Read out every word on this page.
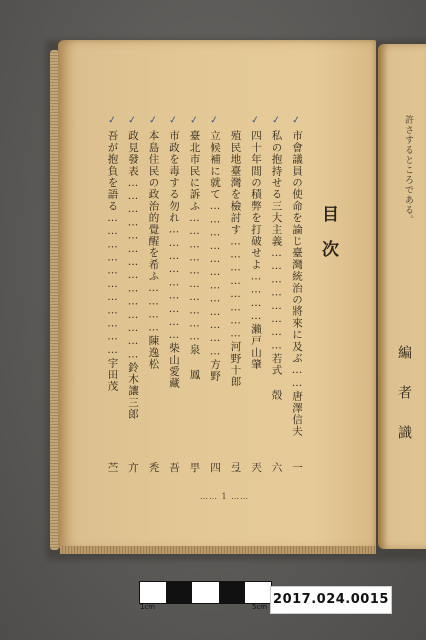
目次
✓
市會議員の使命を論じ臺灣統治の將來に及ぶ……唐澤信夫
一
✓
私の抱持せる三大主義……………………若式 殻
六
✓
四十年間の積弊を打破せよ…………瀨戸山肇
兲
殖民地臺灣を檢討す……………………河野十郎
弖
✓
立候補に就て………………………………方野
四
✓
臺北市民に訴ふ…………………………泉 鳳
甼
✓
市政を毒する勿れ………………………柴山愛藏
吾
✓
本島住民の政治的覺醒を希ふ…………陳逸松
秃
✓
政見發表……………………………………鈴木讓三郎
亣
✓
吾が抱負を語る……………………………宇田茂
苎
…… 1 ……
許さするところである。
編者識
1cm	5cm 2017.024.0015
